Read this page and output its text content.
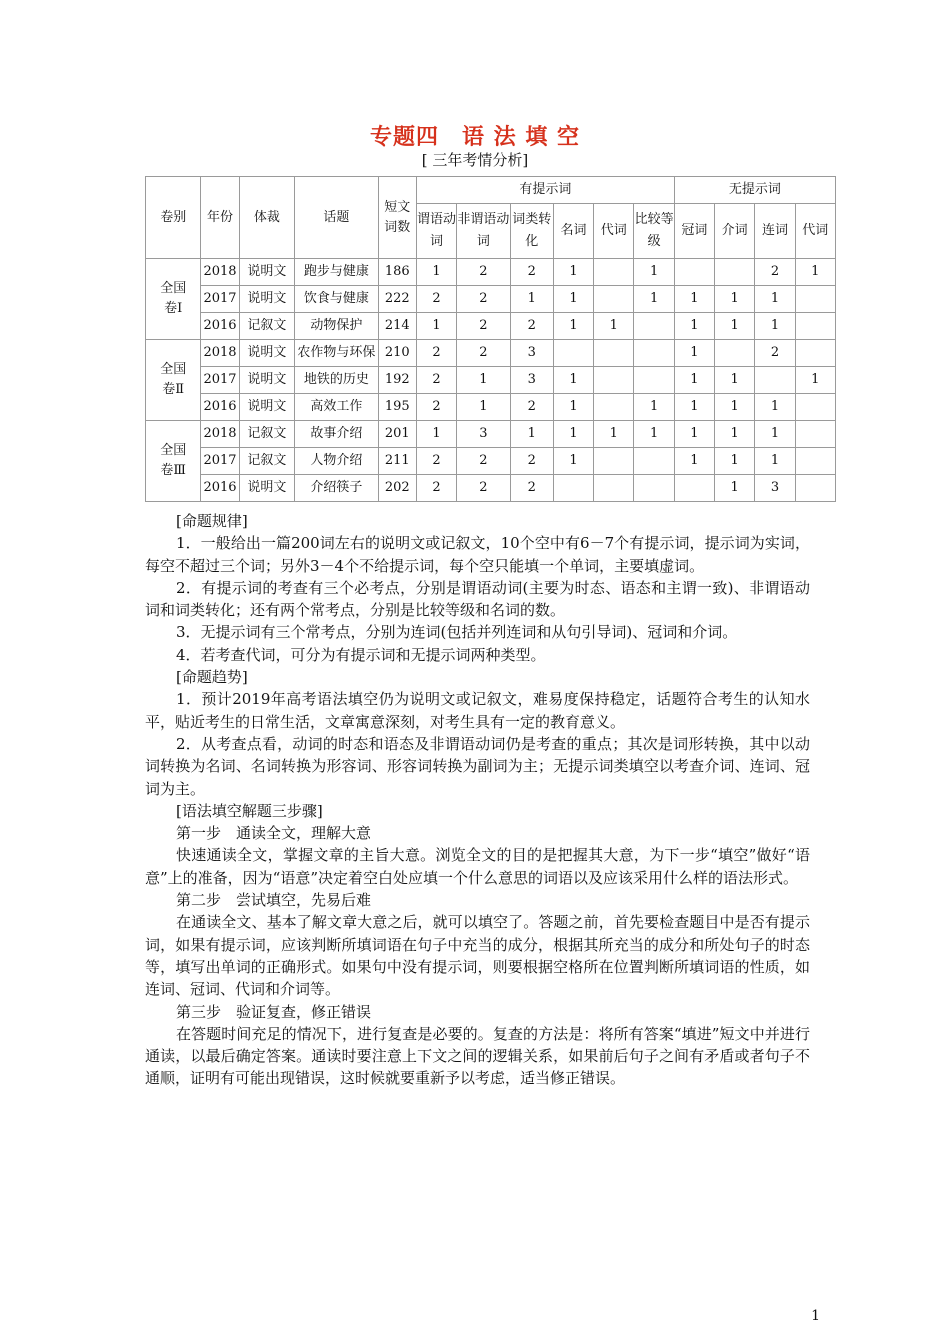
专题四　语 法 填 空
[ 三年考情分析]
卷别	年份	体裁	话题	短文词数	有提示词						无提示词			
					谓语动词	非谓语动词	词类转化	名词	代词	比较等级	冠词	介词	连词	代词
全国卷Ⅰ	2018	说明文	跑步与健康	186	1	2	2	1		1			2	1
	2017	说明文	饮食与健康	222	2	2	1	1		1	1	1	1	
	2016	记叙文	动物保护	214	1	2	2	1	1		1	1	1	
全国卷Ⅱ	2018	说明文	农作物与环保	210	2	2	3				1		2	
	2017	说明文	地铁的历史	192	2	1	3	1			1	1		1
	2016	说明文	高效工作	195	2	1	2	1		1	1	1	1	
全国卷Ⅲ	2018	记叙文	故事介绍	201	1	3	1	1	1	1	1	1	1	
	2017	记叙文	人物介绍	211	2	2	2	1			1	1	1	
	2016	说明文	介绍筷子	202	2	2	2					1	3	

[命题规律]

1．一般给出一篇200词左右的说明文或记叙文，10个空中有6－7个有提示词，提示词为实词，每空不超过三个词；另外3－4个不给提示词，每个空只能填一个单词，主要填虚词。

2．有提示词的考查有三个必考点，分别是谓语动词(主要为时态、语态和主谓一致)、非谓语动词和词类转化；还有两个常考点，分别是比较等级和名词的数。

3．无提示词有三个常考点，分别为连词(包括并列连词和从句引导词)、冠词和介词。

4．若考查代词，可分为有提示词和无提示词两种类型。

[命题趋势]

1．预计2019年高考语法填空仍为说明文或记叙文，难易度保持稳定，话题符合考生的认知水平，贴近考生的日常生活，文章寓意深刻，对考生具有一定的教育意义。

2．从考查点看，动词的时态和语态及非谓语动词仍是考查的重点；其次是词形转换，其中以动词转换为名词、名词转换为形容词、形容词转换为副词为主；无提示词类填空以考查介词、连词、冠词为主。

[语法填空解题三步骤]

第一步　通读全文，理解大意

快速通读全文，掌握文章的主旨大意。浏览全文的目的是把握其大意，为下一步“填空”做好“语意”上的准备，因为“语意”决定着空白处应填一个什么意思的词语以及应该采用什么样的语法形式。

第二步　尝试填空，先易后难

在通读全文、基本了解文章大意之后，就可以填空了。答题之前，首先要检查题目中是否有提示词，如果有提示词，应该判断所填词语在句子中充当的成分，根据其所充当的成分和所处句子的时态等，填写出单词的正确形式。如果句中没有提示词，则要根据空格所在位置判断所填词语的性质，如连词、冠词、代词和介词等。

第三步　验证复查，修正错误

在答题时间充足的情况下，进行复查是必要的。复查的方法是：将所有答案“填进”短文中并进行通读，以最后确定答案。通读时要注意上下文之间的逻辑关系，如果前后句子之间有矛盾或者句子不通顺，证明有可能出现错误，这时候就要重新予以考虑，适当修正错误。

1
